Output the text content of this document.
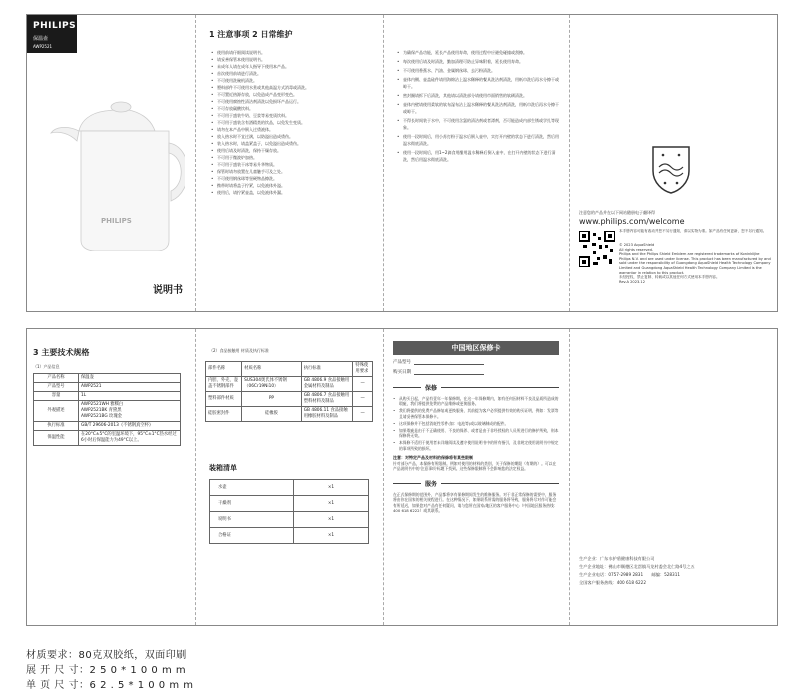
PHILIPS
保温壶
AWP2521
PHILIPS
说明书
1 注意事项 2 日常维护
• 使用前请仔细阅读说明书。
• 请妥善保管本使用说明书。
• 未成年人请在成年人指导下使用本产品。
• 首次使用前请进行清洗。
• 不可使用洗碗机清洗。
• 塑料部件不可使用水煮或其他高温方式消毒或清洗。
• 不可置近热源存放，以免造成产品变形变色。
• 不可使用腐蚀性清洁剂清洗以免损坏产品运行。
• 不可存放碳酸饮料。
• 不可用于盛装牛奶、豆浆等易变质饮料。
• 不可用于盛装含有酒精类的饮品，以免发生变质。
• 请勿在本产品中倒入过烫液体。
• 放入热水时不宜过满，以防溢出造成烫伤。
• 装入热水时，请盖紧盖子，以免溢出造成烫伤。
• 使用后请及时清洗，保持干燥存放。
• 不可用于微波炉加热。
• 不可用于盛装干冰等易升华物质。
• 保管时请勿放置在儿童触手可及之处。
• 不可使用钢丝球等坚硬物品擦洗。
• 携带时请将盖子拧紧，以免液体外溢。
• 使用后，请拧紧壶盖，以免液体外漏。
• 为确保产品功能，延长产品使用寿命，使用过程中应避免碰撞或刮擦。
• 每次使用后请及时清洗，勤加清理可防止异味附着，延长使用寿命。
• 不可使用香蕉水、汽油、金属钢丝球、去污粉清洗。
• 壶体内侧、壶盖硅件请用海绵沾上温水稀释的餐具洗洁剂清洗，用纸巾洗后再水分擦干或晾干。
• 密封圈请拆下后清洗，其他请以清洗部分请使用市面销售的软刷清洗。
• 壶体内壁请使用柔软的软布湿布沾上温水稀释的餐具洗洁剂清洗，用纸巾洗后再水分擦干或晾干。
• 不得长时间装于水中，不可使用含氯的清洁剂或者漂剂，否可能造成内部生锈或学扎等现象。
• 使用一段时间后，用小苏打粉于温水后倒入壶中，实打开内壁的状态下进行清洗，然后用温水彻底清洗。
• 使用一段时间后，用1~2滴食用醋用温水稀释后倒入壶中，在打开内壁的状态下进行清洗，然后用温水彻底清洗。
注意您的产品并在以下网站随册电子翻译得
www.philips.com/welcome
本手册内容可能有改动并恕不另行通知，请以实物为准。如产品有任何更新，恕不另行通知。
© 2023 AquaShield
All rights reserved.
Philips and the Philips Shield Emblem are registered trademarks of Koninklijke Philips N.V. and are used under license. This product has been manufactured by and sold under the responsibility of Guangdong AquaShield Health Technology Company Limited and Guangdong AquaShield Health Technology Company Limited is the warrantor in relation to this product.
未经授权，禁止复制、转载或以其他任何方式使用本手册内容。
Rev.A 2023.12
3 主要技术规格
（1）产品信息
产品名称	保温壶
产品型号	AWP2521
容量	1L
外观描述	AWP2521WH 雅糯白
AWP2521BK 青黛黑
AWP2521BG 玫瑰金
执行标准	GB/T 29606-2013《不锈钢真空杯》
保温性能	在20°C±5°C的室温环境下，95°C±1°C热水经过6小时后保温能力为49°C以上。
（2）食品接触用 材质及执行标准
部件名称	材质名称	执行标准	特殊使用要求
内胆、外壳、壶盖不锈钢部件	SUS304奥氏体不锈钢（06Cr19Ni10）	GB 4806.9 食品接触用金属材料及制品	—
塑料部件材质	PP	GB 4806.7 食品接触用塑料材料及制品	—
硅胶密封件	硅橡胶	GB 4806.11 食品接触用橡胶材料及制品	—
装箱清单
水壶	×1
干燥剂	×1
说明书	×1
合格证	×1
中国地区保修卡
产品型号
购买日期
保修
• 从购买日起，产品有壹年一年保修期。在这一年保修期内，如有任何因材料不良及品质所造成的瑕疵，我们将提供免费的产品维修或更换服务。
• 我们将提供的免费产品修复或更换服务，其前提为客户必须提供有效的购买证明，例如：发票等且请妥善保管本保修卡。
• 这项保修并不包括消耗性零件(如：电池等)或以玻璃制成的配件。
• 如果瑕疵是由于不正确使用、不良的保养、或者是由于非经授权的人员所进行的修护所致，则本保修将无效。
• 本保修不适用于使用者未详细阅读及遵守使用说明书中的所有指引，及非规定使用说明书中规定的事项所致的损坏。
注意：对特定产品及材料的保修将有某些限制
针对部分产品，本保修有所限制。例如对使用的材料的类别，关于保修的期限（有期的）。可以在产品说明书中的'注意事项'标题下找到。这些保修限制将不会影响您的法定权益。
服务
在正式保修期的范围外，产品都将享有保修期间发生的维修服务。对于非正常保修的需要中，服务将由你在国家的相关规程进行。在这种情况下，如果联系所需的服务将导致，服务将尽对作可能会有所延迟，如果您对产品有任何疑问，请与您所在国家/地区的客户服务中心（中国地区服务热线：400 618 6222）或其联系。
生产企业：广东水护盾健康科技有限公司
生产企业地址：佛山市顺德区北滘镇马龙村委会北仁路4号之五
生产企业电话：0757-2989 2831　　邮编：528311
全国客户服务热线：400 618 6222
材质要求：80克双胶纸，双面印刷
展 开 尺 寸：2 5 0 * 1 0 0 m m
单 页 尺 寸：6 2 . 5 * 1 0 0 m m
